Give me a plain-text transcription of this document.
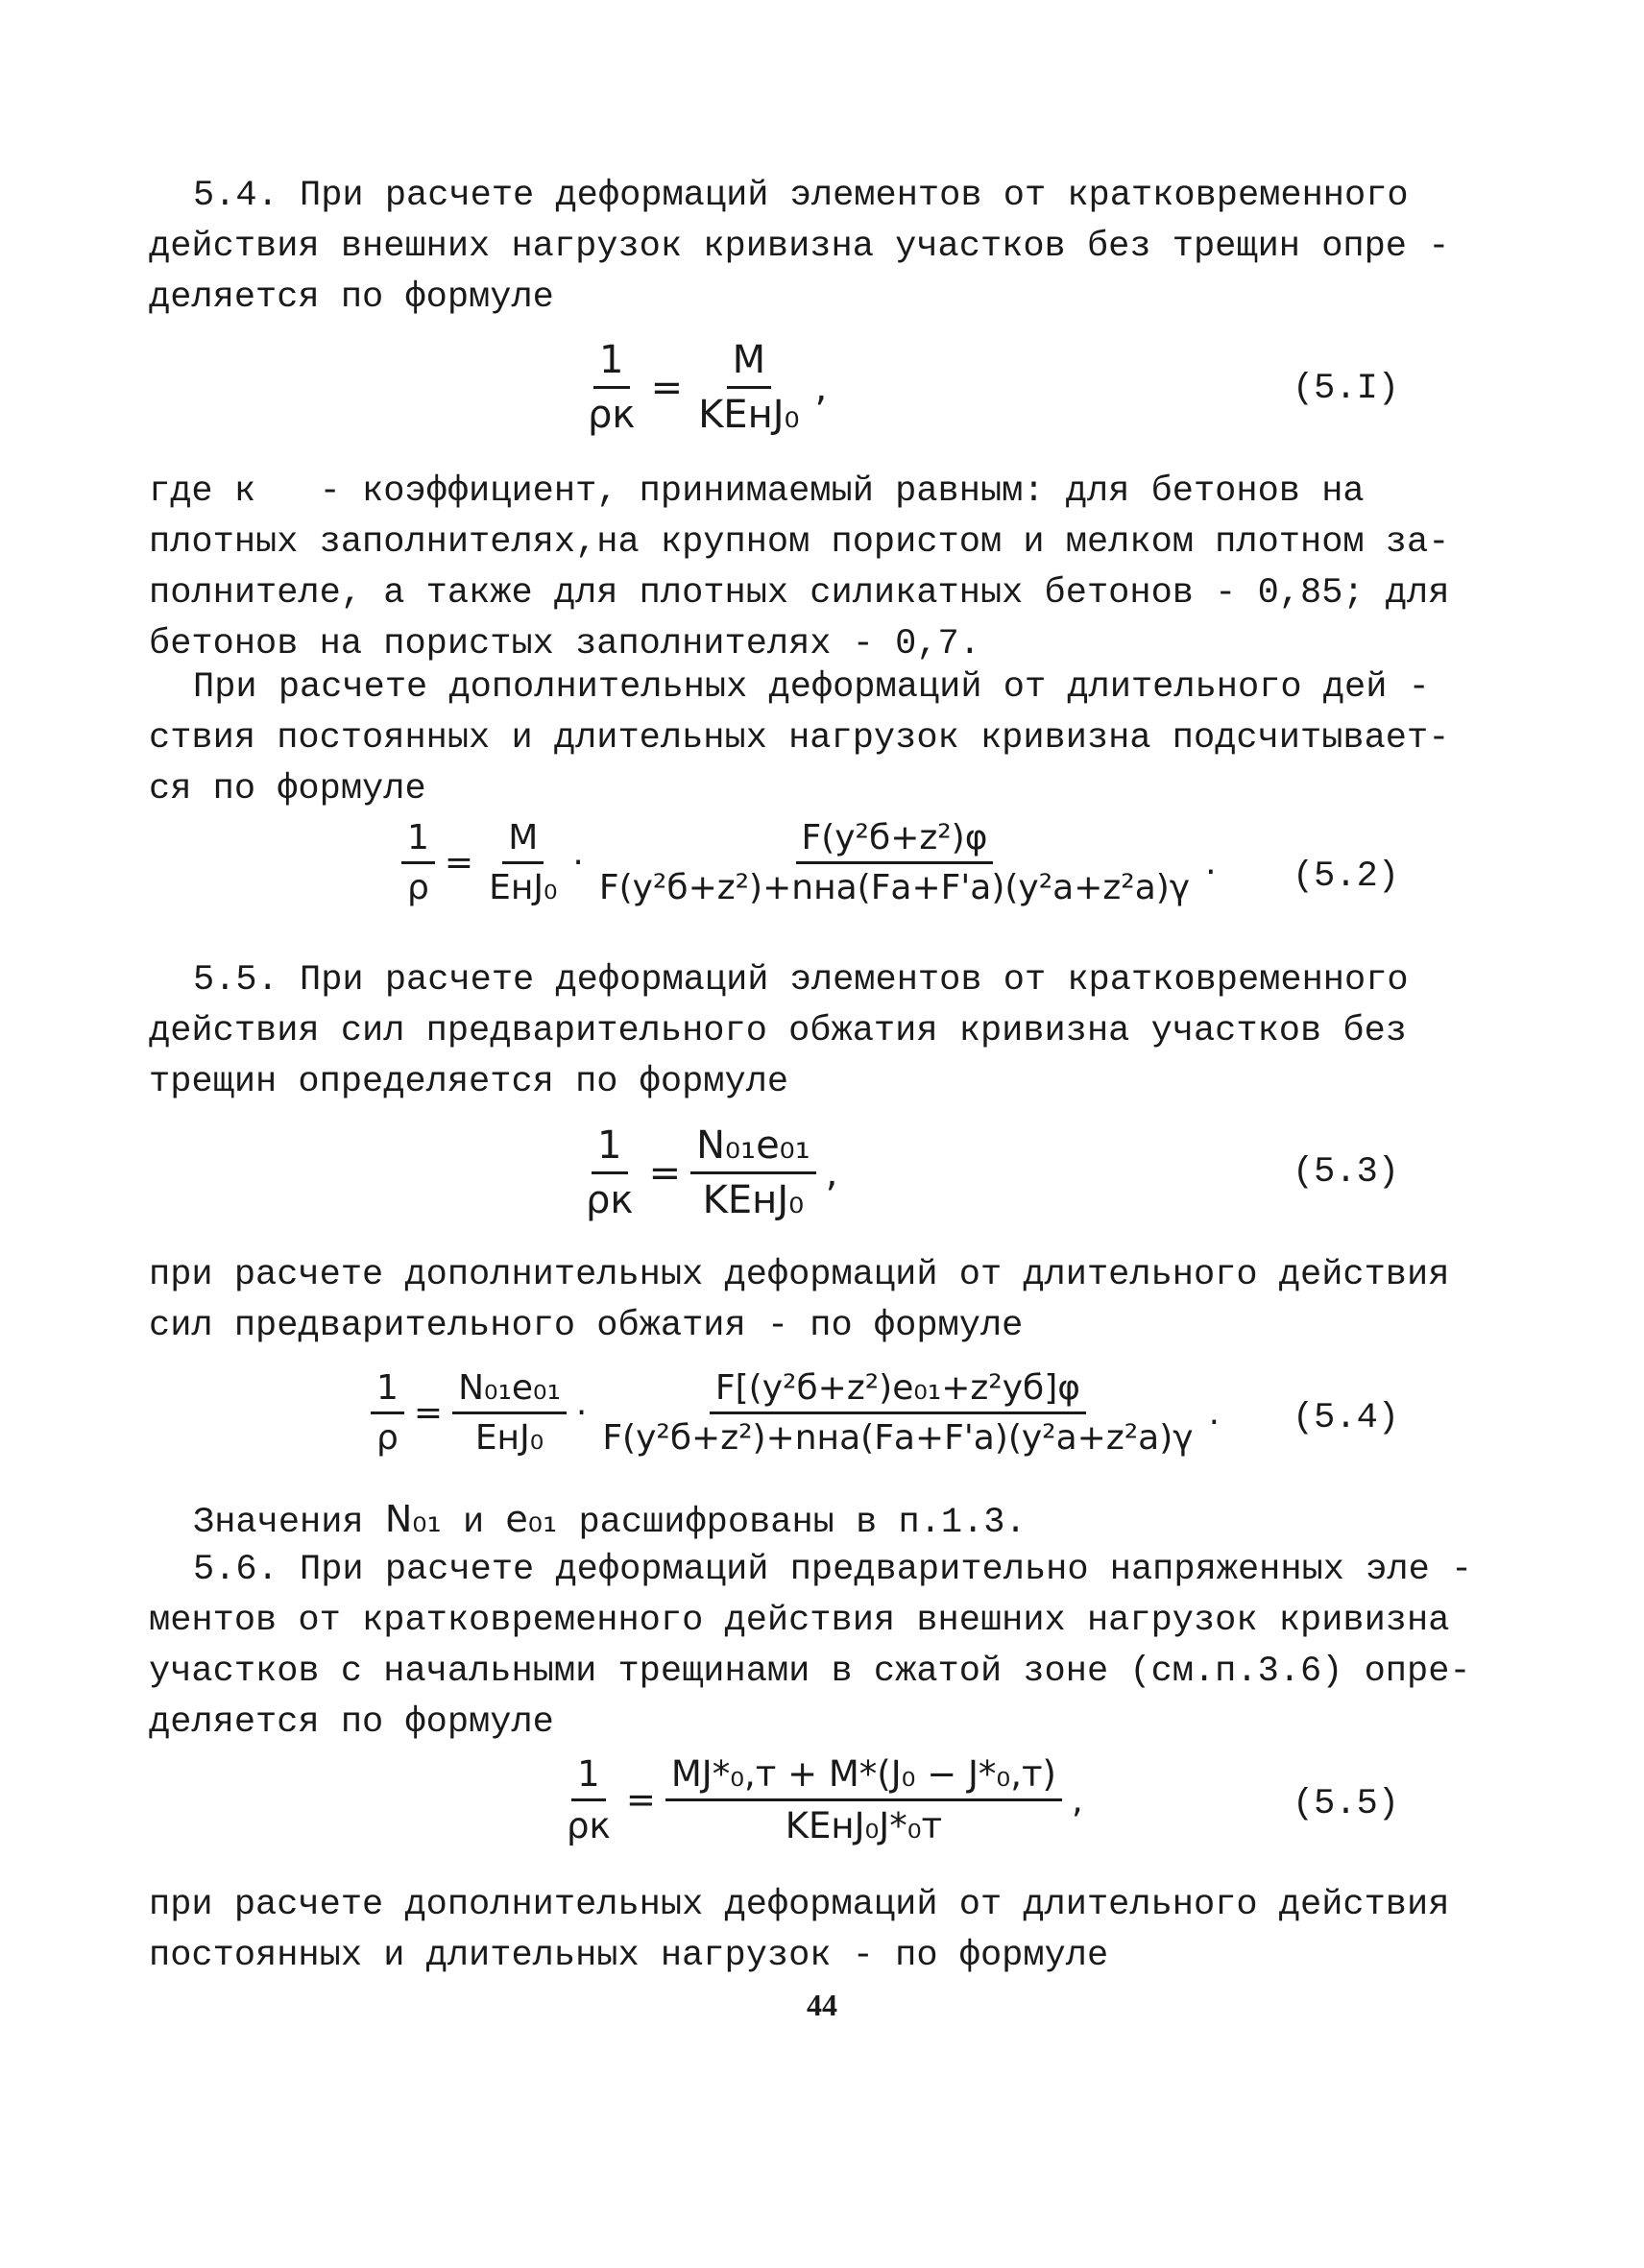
5.4. При расчете деформаций элементов от кратковременного
действия внешних нагрузок кривизна участков без трещин опре -
деляется по формуле

$\frac{1}{\rho к} = \frac{M}{\text{KEнJ₀}}$ ,	(5.I)

где к   - коэффициент, принимаемый равным: для бетонов на
плотных заполнителях,на крупном пористом и мелком плотном за-
полнителе, а также для плотных силикатных бетонов - 0,85; для
бетонов на пористых заполнителях - 0,7.

При расчете дополнительных деформаций от длительного дей -
ствия постоянных и длительных нагрузок кривизна подсчитывает-
ся по формуле

$\frac{1}{\rho} = \frac{M}{\text{EнJ₀}} \cdot \frac{\text{F(y²б+z²)φ}}{\text{F(y²б+z²)+nна(Fа+F'а)(y²а+z²а)γ}}$ . (5.2)

5.5. При расчете деформаций элементов от кратковременного
действия сил предварительного обжатия кривизна участков без
трещин определяется по формуле

$\frac{1}{\rho к} = \frac{\text{N₀₁e₀₁}}{\text{KEнJ₀}}$ ,	(5.3)

при расчете дополнительных деформаций от длительного действия
сил предварительного обжатия - по формуле

$\frac{1}{\rho} = \frac{\text{N₀₁e₀₁}}{\text{EнJ₀}} \cdot \frac{\text{F[(y²б+z²)e₀₁+z²yб]φ}}{\text{F(y²б+z²)+nна(Fа+F'а)(y²а+z²а)γ}}$ . (5.4)

Значения N₀₁ и e₀₁ расшифрованы в п.1.3.

5.6. При расчете деформаций предварительно напряженных эле -
ментов от кратковременного действия внешних нагрузок кривизна
участков с начальными трещинами в сжатой зоне (см.п.3.6) опре-
деляется по формуле

$\frac{1}{\rho к} = \frac{\text{MJ*₀,т + M*(J₀ − J*₀,т)}}{\text{KEнJ₀J*₀т}}$ ,	(5.5)

при расчете дополнительных деформаций от длительного действия
постоянных и длительных нагрузок - по формуле

44
